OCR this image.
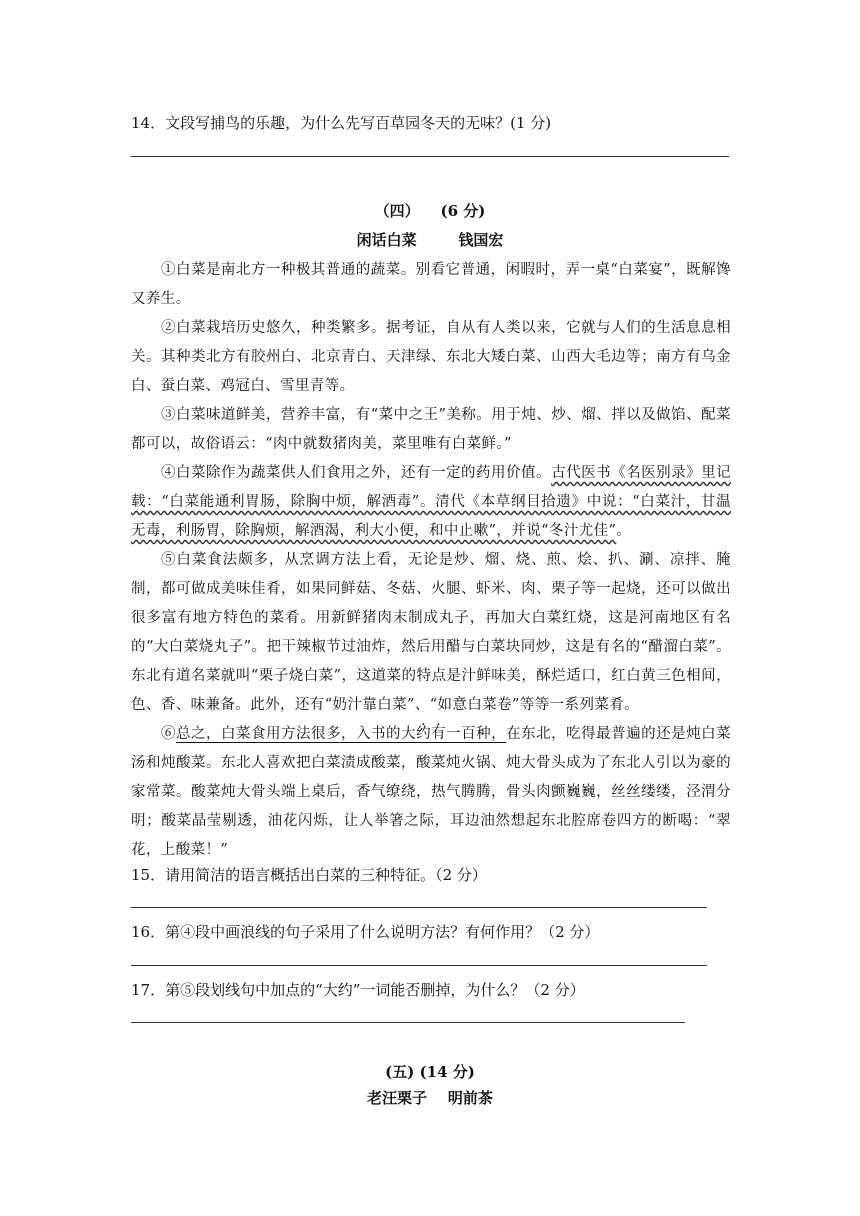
14．文段写捕鸟的乐趣，为什么先写百草园冬天的无味？(1 分)
（四）    (6 分)
闲话白菜        钱国宏

①白菜是南北方一种极其普通的蔬菜。别看它普通，闲暇时，弄一桌“白菜宴”，既解馋又养生。

②白菜栽培历史悠久，种类繁多。据考证，自从有人类以来，它就与人们的生活息息相关。其种类北方有胶州白、北京青白、天津绿、东北大矮白菜、山西大毛边等；南方有乌金白、蚕白菜、鸡冠白、雪里青等。

③白菜味道鲜美，营养丰富，有“菜中之王”美称。用于炖、炒、熘、拌以及做馅、配菜都可以，故俗语云：“肉中就数猪肉美，菜里唯有白菜鲜。”

④白菜除作为蔬菜供人们食用之外，还有一定的药用价值。古代医书《名医别录》里记载：“白菜能通利胃肠，除胸中烦，解酒毒”。清代《本草纲目拾遗》中说：“白菜汁，甘温无毒，利肠胃，除胸烦，解酒渴，利大小便，和中止嗽”，并说“冬汁尤佳”。

⑤白菜食法颇多，从烹调方法上看，无论是炒、熘、烧、煎、烩、扒、涮、凉拌、腌制，都可做成美味佳肴，如果同鲜菇、冬菇、火腿、虾米、肉、栗子等一起烧，还可以做出很多富有地方特色的菜肴。用新鲜猪肉末制成丸子，再加大白菜红烧，这是河南地区有名的“大白菜烧丸子”。把干辣椒节过油炸，然后用醋与白菜块同炒，这是有名的“醋溜白菜”。东北有道名菜就叫“栗子烧白菜”，这道菜的特点是汁鲜味美，酥烂适口，红白黄三色相间，色、香、味兼备。此外，还有“奶汁靠白菜”、“如意白菜卷”等等一系列菜肴。

⑥总之，白菜食用方法很多，入书的大约有一百种，在东北，吃得最普遍的还是炖白菜汤和炖酸菜。东北人喜欢把白菜渍成酸菜，酸菜炖火锅、炖大骨头成为了东北人引以为豪的家常菜。酸菜炖大骨头端上桌后，香气缭绕，热气腾腾，骨头肉颤巍巍，丝丝缕缕，泾渭分明；酸菜晶莹剔透，油花闪烁，让人举箸之际，耳边油然想起东北腔席卷四方的断喝：“翠花，上酸菜！”

15．请用简洁的语言概括出白菜的三种特征。（2 分）
16．第④段中画浪线的句子采用了什么说明方法？有何作用？（2 分）
17．第⑤段划线句中加点的“大约”一词能否删掉，为什么？（2 分）
(五) (14 分)
老汪栗子    明前茶
